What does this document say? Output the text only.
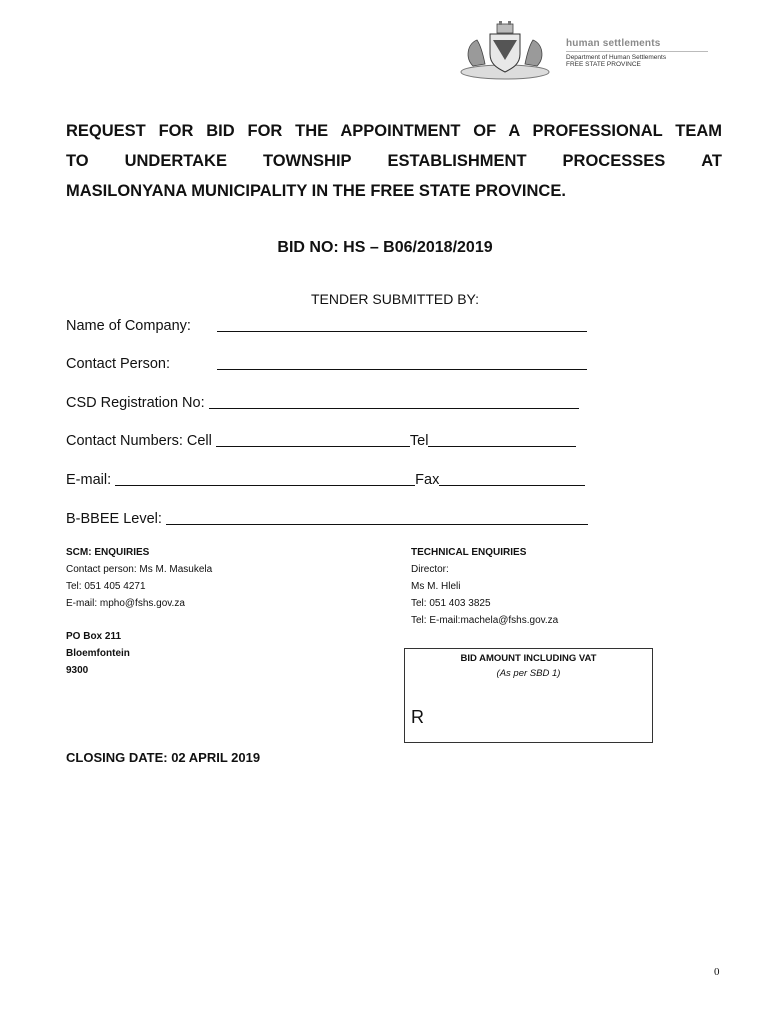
human settlements
Department of Human Settlements
FREE STATE PROVINCE
REQUEST FOR BID FOR THE APPOINTMENT OF A PROFESSIONAL TEAM
TO UNDERTAKE TOWNSHIP ESTABLISHMENT PROCESSES AT
MASILONYANA MUNICIPALITY IN THE FREE STATE PROVINCE.
BID NO: HS – B06/2018/2019
TENDER SUBMITTED BY:
Name of Company:
Contact Person:
CSD Registration No:
Contact Numbers: Cell	Tel
E-mail:	Fax
B-BBEE Level:
SCM: ENQUIRIES
Contact person: Ms M. Masukela
Tel: 051 405 4271
E-mail: mpho@fshs.gov.za
TECHNICAL ENQUIRIES
Director:
Ms M. Hleli
Tel: 051 403 3825
Tel: E-mail:machela@fshs.gov.za
PO Box 211
Bloemfontein
9300
BID AMOUNT INCLUDING VAT
(As per SBD 1)
R
CLOSING DATE: 02 APRIL 2019
0
